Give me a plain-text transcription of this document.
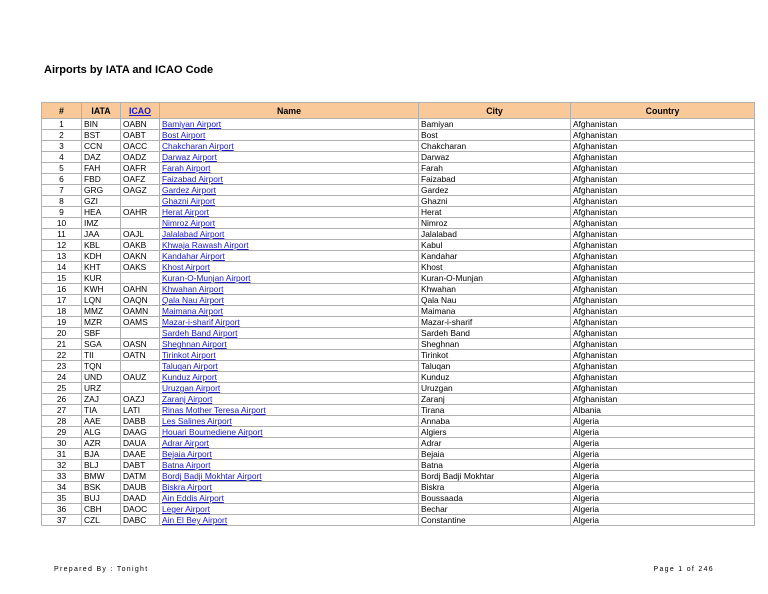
Airports by IATA and ICAO Code
#	IATA	ICAO	Name	City	Country
1	BIN	OABN	Bamiyan Airport	Bamiyan	Afghanistan
2	BST	OABT	Bost Airport	Bost	Afghanistan
3	CCN	OACC	Chakcharan Airport	Chakcharan	Afghanistan
4	DAZ	OADZ	Darwaz Airport	Darwaz	Afghanistan
5	FAH	OAFR	Farah Airport	Farah	Afghanistan
6	FBD	OAFZ	Faizabad Airport	Faizabad	Afghanistan
7	GRG	OAGZ	Gardez Airport	Gardez	Afghanistan
8	GZI		Ghazni Airport	Ghazni	Afghanistan
9	HEA	OAHR	Herat Airport	Herat	Afghanistan
10	IMZ		Nimroz Airport	Nimroz	Afghanistan
11	JAA	OAJL	Jalalabad Airport	Jalalabad	Afghanistan
12	KBL	OAKB	Khwaja Rawash Airport	Kabul	Afghanistan
13	KDH	OAKN	Kandahar Airport	Kandahar	Afghanistan
14	KHT	OAKS	Khost Airport	Khost	Afghanistan
15	KUR		Kuran-O-Munjan Airport	Kuran-O-Munjan	Afghanistan
16	KWH	OAHN	Khwahan Airport	Khwahan	Afghanistan
17	LQN	OAQN	Qala Nau Airport	Qala Nau	Afghanistan
18	MMZ	OAMN	Maimana Airport	Maimana	Afghanistan
19	MZR	OAMS	Mazar-i-sharif Airport	Mazar-i-sharif	Afghanistan
20	SBF		Sardeh Band Airport	Sardeh Band	Afghanistan
21	SGA	OASN	Sheghnan Airport	Sheghnan	Afghanistan
22	TII	OATN	Tirinkot Airport	Tirinkot	Afghanistan
23	TQN		Taluqan Airport	Taluqan	Afghanistan
24	UND	OAUZ	Kunduz Airport	Kunduz	Afghanistan
25	URZ		Uruzgan Airport	Uruzgan	Afghanistan
26	ZAJ	OAZJ	Zaranj Airport	Zaranj	Afghanistan
27	TIA	LATI	Rinas Mother Teresa Airport	Tirana	Albania
28	AAE	DABB	Les Salines Airport	Annaba	Algeria
29	ALG	DAAG	Houari Boumediene Airport	Algiers	Algeria
30	AZR	DAUA	Adrar Airport	Adrar	Algeria
31	BJA	DAAE	Bejaia Airport	Bejaia	Algeria
32	BLJ	DABT	Batna Airport	Batna	Algeria
33	BMW	DATM	Bordj Badji Mokhtar Airport	Bordj Badji Mokhtar	Algeria
34	BSK	DAUB	Biskra Airport	Biskra	Algeria
35	BUJ	DAAD	Ain Eddis Airport	Boussaada	Algeria
36	CBH	DAOC	Leger Airport	Bechar	Algeria
37	CZL	DABC	Ain El Bey Airport	Constantine	Algeria
Prepared By : Tonight	Page 1 of 246
